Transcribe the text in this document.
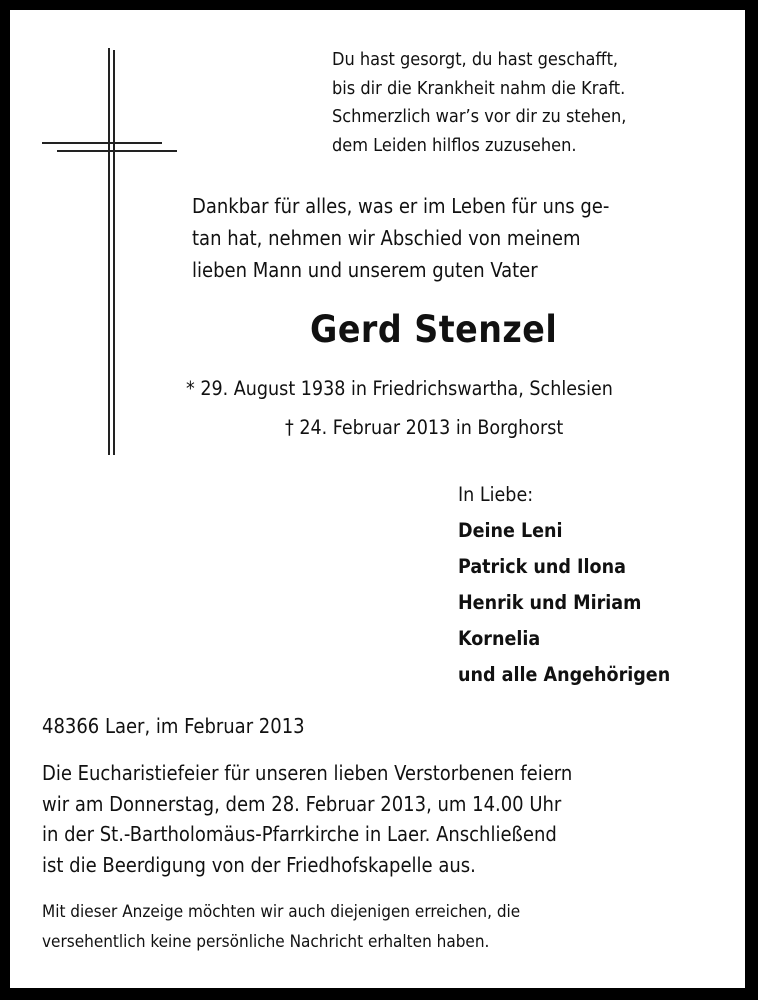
Du hast gesorgt, du hast geschafft,
bis dir die Krankheit nahm die Kraft.
Schmerzlich war’s vor dir zu stehen,
dem Leiden hilflos zuzusehen.
Dankbar für alles, was er im Leben für uns ge-
tan hat, nehmen wir Abschied von meinem
lieben Mann und unserem guten Vater
Gerd Stenzel
* 29. August 1938 in Friedrichswartha, Schlesien
† 24. Februar 2013 in Borghorst
In Liebe:
Deine Leni
Patrick und Ilona
Henrik und Miriam
Kornelia
und alle Angehörigen
48366 Laer, im Februar 2013
Die Eucharistiefeier für unseren lieben Verstorbenen feiern
wir am Donnerstag, dem 28. Februar 2013, um 14.00 Uhr
in der St.-Bartholomäus-Pfarrkirche in Laer. Anschließend
ist die Beerdigung von der Friedhofskapelle aus.
Mit dieser Anzeige möchten wir auch diejenigen erreichen, die
versehentlich keine persönliche Nachricht erhalten haben.
